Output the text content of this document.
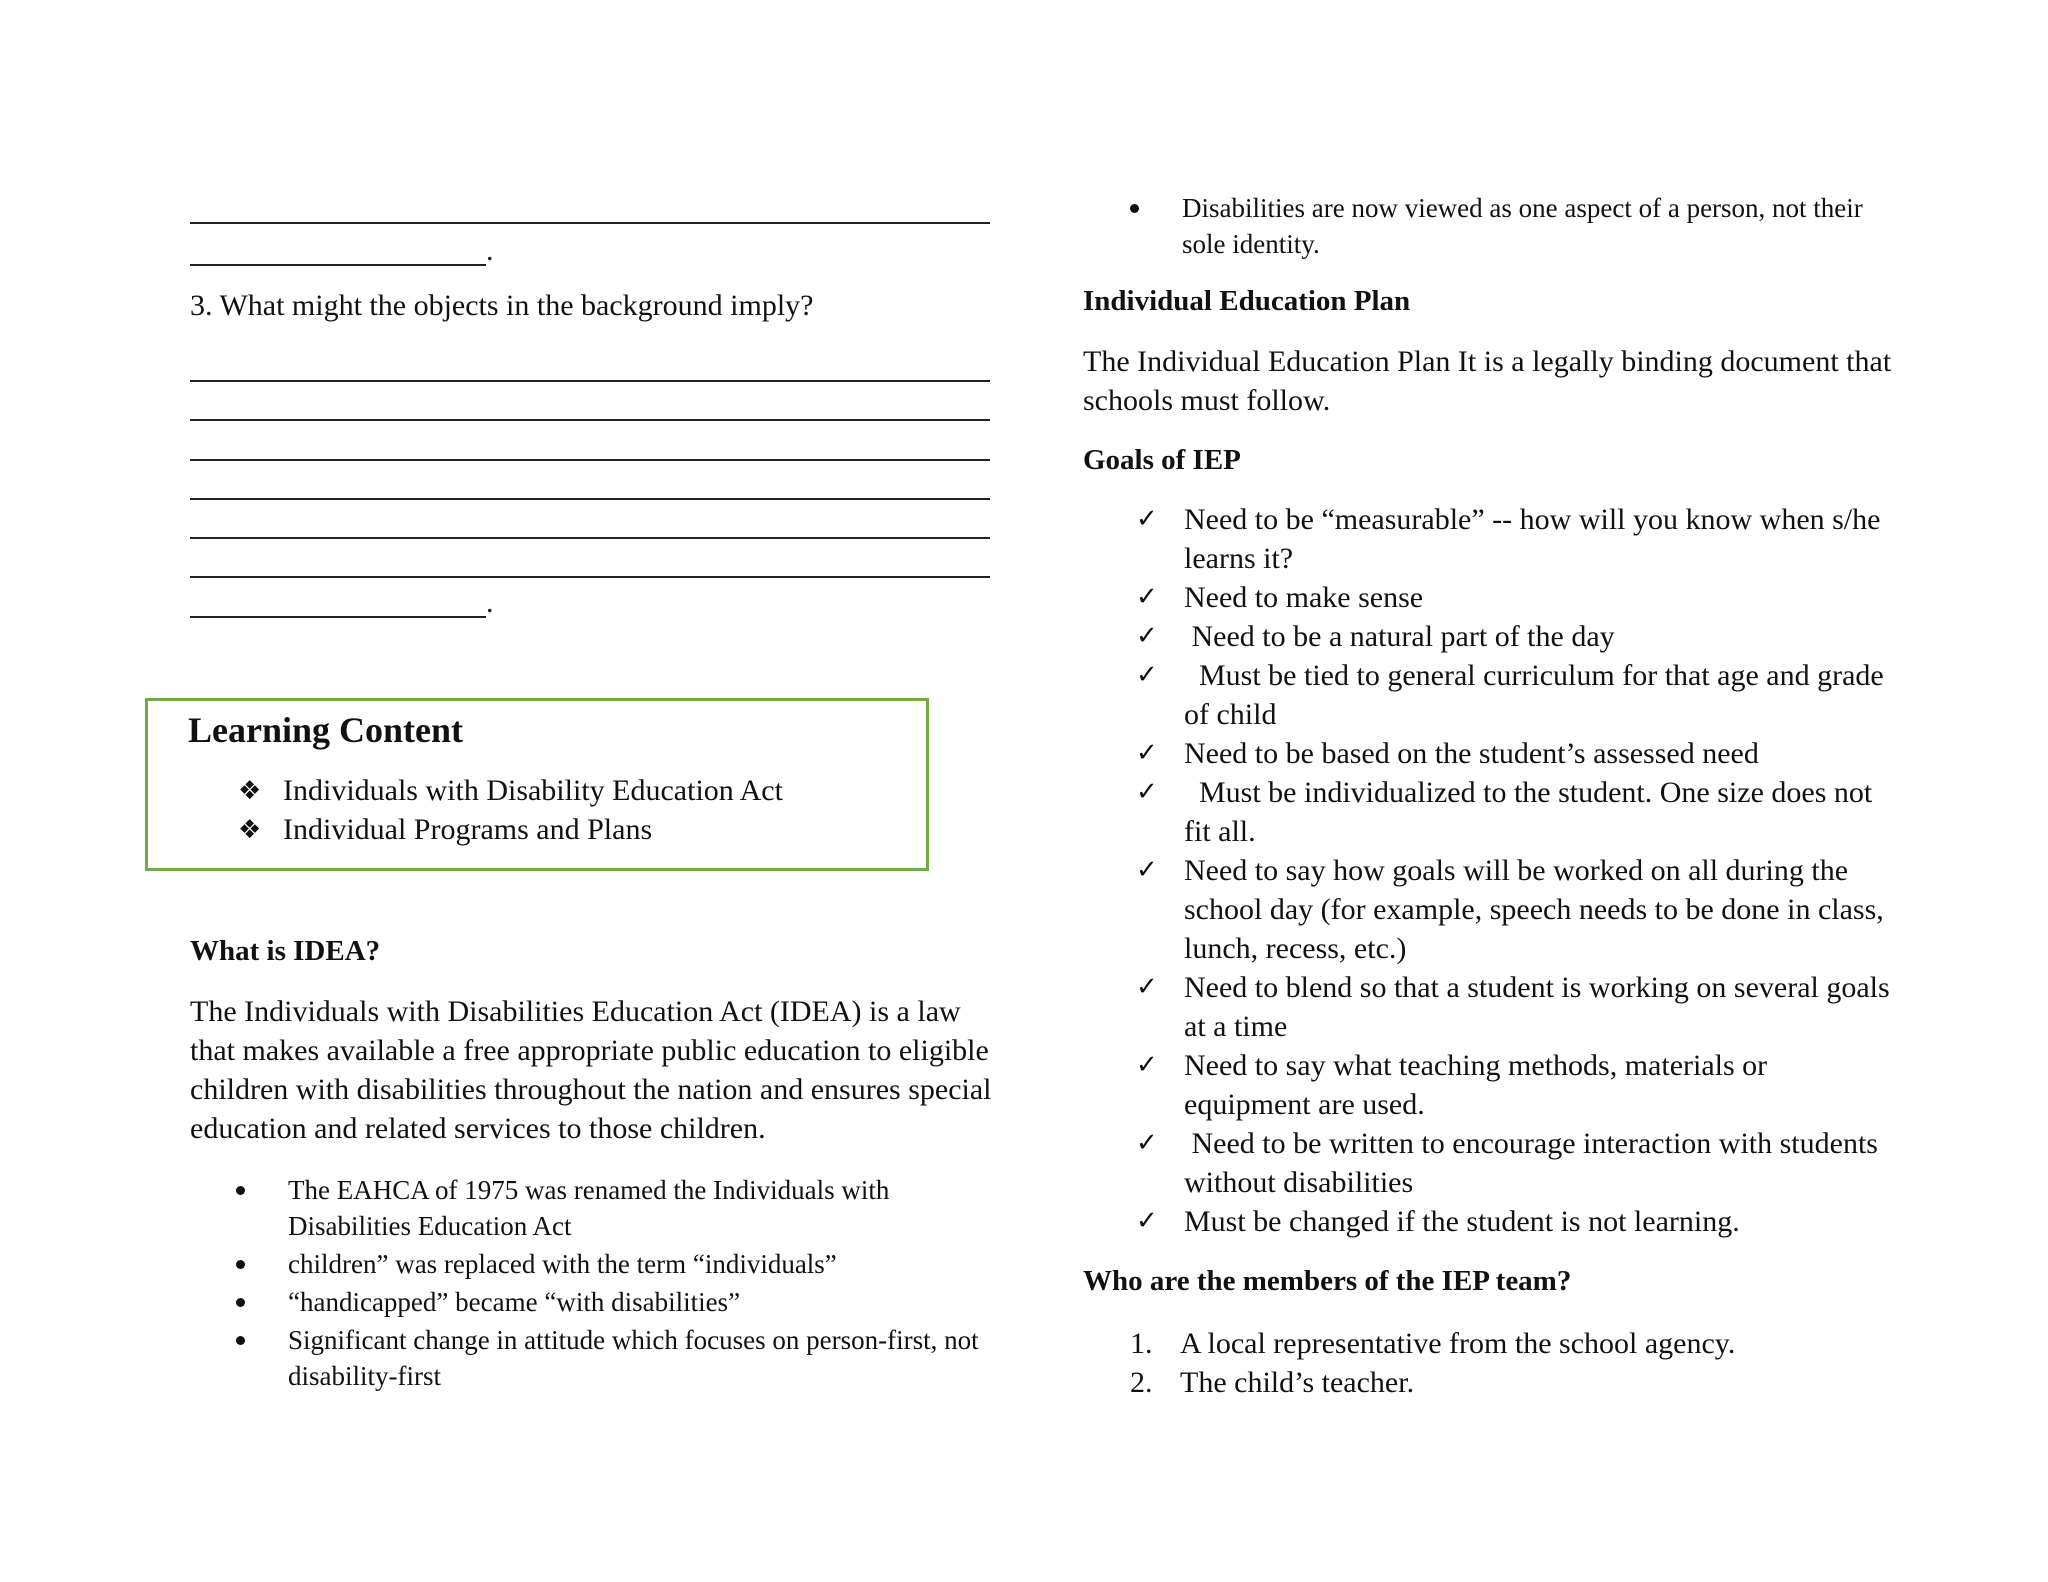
.
3. What might the objects in the background imply?
.
Learning Content
❖ Individuals with Disability Education Act
❖ Individual Programs and Plans
What is IDEA?
The Individuals with Disabilities Education Act (IDEA) is a law that makes available a free appropriate public education to eligible children with disabilities throughout the nation and ensures special education and related services to those children.
The EAHCA of 1975 was renamed the Individuals with Disabilities Education Act
children” was replaced with the term “individuals”
“handicapped” became “with disabilities”
Significant change in attitude which focuses on person-first, not disability-first
Disabilities are now viewed as one aspect of a person, not their sole identity.
Individual Education Plan
The Individual Education Plan It is a legally binding document that schools must follow.
Goals of IEP
✓ Need to be “measurable” -- how will you know when s/he learns it?
✓ Need to make sense
✓ Need to be a natural part of the day
✓ Must be tied to general curriculum for that age and grade of child
✓ Need to be based on the student’s assessed need
✓ Must be individualized to the student. One size does not fit all.
✓ Need to say how goals will be worked on all during the school day (for example, speech needs to be done in class, lunch, recess, etc.)
✓ Need to blend so that a student is working on several goals at a time
✓ Need to say what teaching methods, materials or equipment are used.
✓ Need to be written to encourage interaction with students without disabilities
✓ Must be changed if the student is not learning.
Who are the members of the IEP team?
1. A local representative from the school agency.
2. The child’s teacher.
